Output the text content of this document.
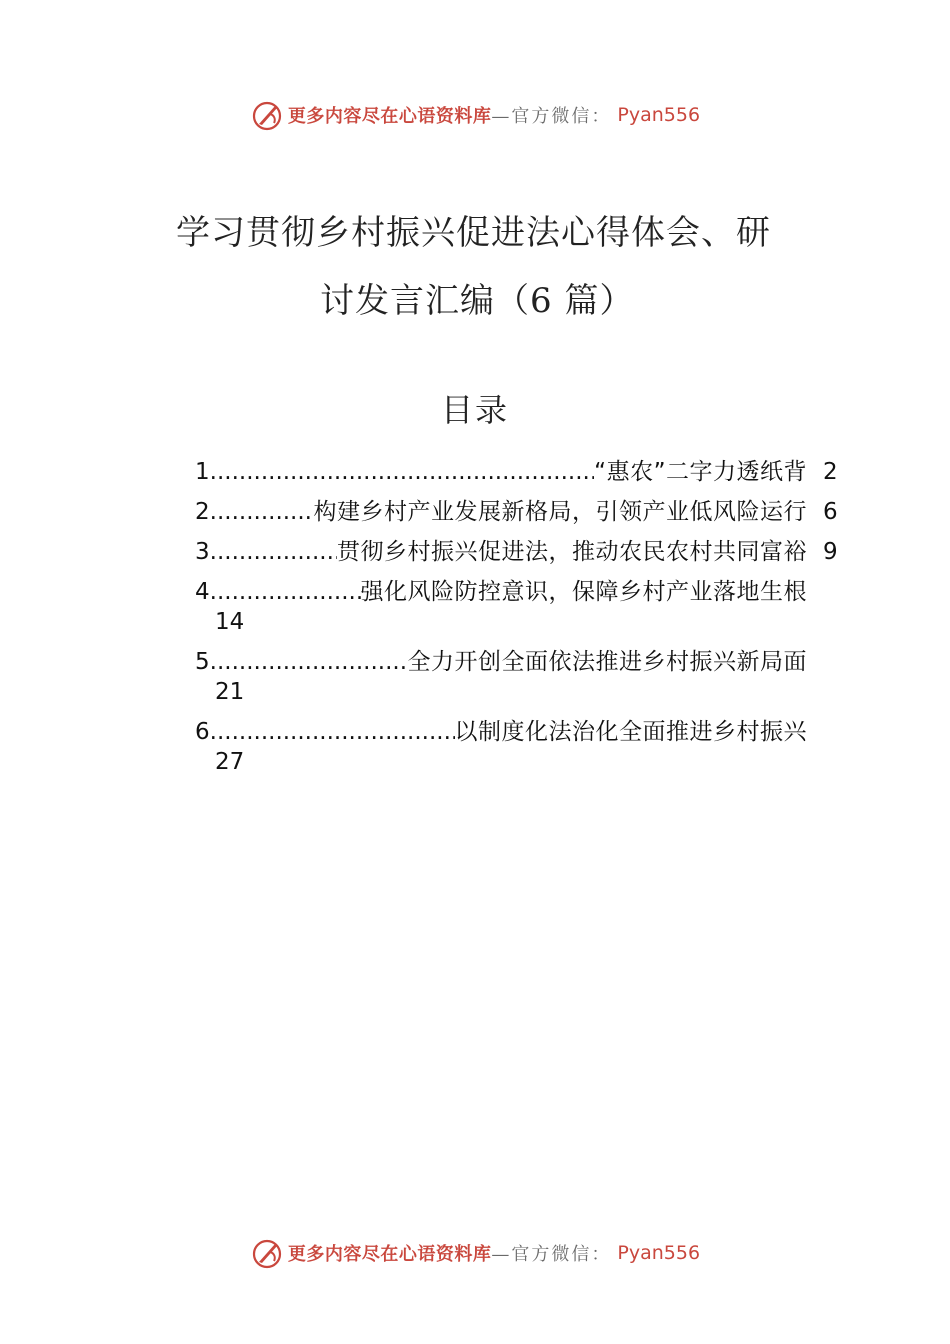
更多内容尽在心语资料库 —官方微信： Pyan556
学习贯彻乡村振兴促进法心得体会、研
讨发言汇编（6 篇）
目录
1 .....	“惠农”二字力透纸背 2
2 .....	构建乡村产业发展新格局，引领产业低风险运行 6
3 .....	贯彻乡村振兴促进法，推动农民农村共同富裕 9
4 .....	强化风险防控意识，保障乡村产业落地生根
14
5 .....	全力开创全面依法推进乡村振兴新局面
21
6 .....	以制度化法治化全面推进乡村振兴
27
更多内容尽在心语资料库 —官方微信： Pyan556
